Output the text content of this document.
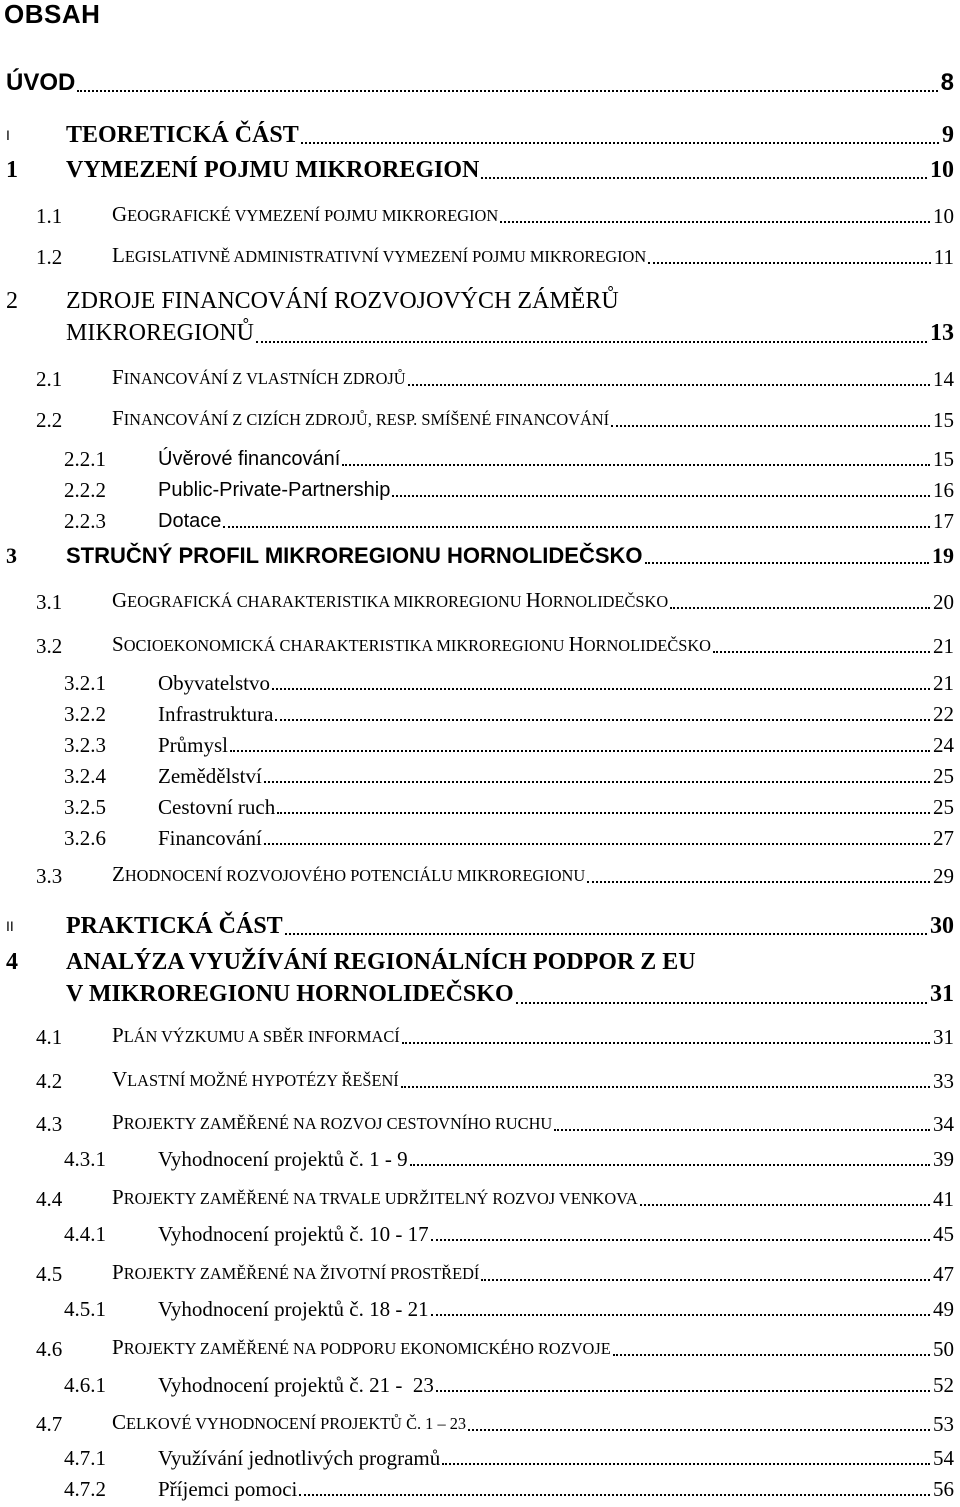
OBSAH
ÚVOD	8
I	TEORETICKÁ ČÁST	9
1	VYMEZENÍ POJMU MIKROREGION	10
1.1	GEOGRAFICKÉ VYMEZENÍ POJMU MIKROREGION	10
1.2	LEGISLATIVNĚ ADMINISTRATIVNÍ VYMEZENÍ POJMU MIKROREGION	11
2 ZDROJE FINANCOVÁNÍ ROZVOJOVÝCH ZÁMĚRŮ
MIKROREGIONŮ	13
2.1	FINANCOVÁNÍ Z VLASTNÍCH ZDROJŮ	14
2.2	FINANCOVÁNÍ Z CIZÍCH ZDROJŮ, RESP. SMÍŠENÉ FINANCOVÁNÍ	15
2.2.1	Úvěrové financování	15
2.2.2	Public-Private-Partnership	16
2.2.3	Dotace	17
3	STRUČNÝ PROFIL MIKROREGIONU HORNOLIDEČSKO	19
3.1	GEOGRAFICKÁ CHARAKTERISTIKA MIKROREGIONU HORNOLIDEČSKO	20
3.2	SOCIOEKONOMICKÁ CHARAKTERISTIKA MIKROREGIONU HORNOLIDEČSKO	21
3.2.1	Obyvatelstvo	21
3.2.2	Infrastruktura	22
3.2.3	Průmysl	24
3.2.4	Zemědělství	25
3.2.5	Cestovní ruch	25
3.2.6	Financování	27
3.3	ZHODNOCENÍ ROZVOJOVÉHO POTENCIÁLU MIKROREGIONU	29
II	PRAKTICKÁ ČÁST	30
4 ANALÝZA VYUŽÍVÁNÍ REGIONÁLNÍCH PODPOR Z EU
V MIKROREGIONU HORNOLIDEČSKO	31
4.1	PLÁN VÝZKUMU A SBĚR INFORMACÍ	31
4.2	VLASTNÍ MOŽNÉ HYPOTÉZY ŘEŠENÍ	33
4.3	PROJEKTY ZAMĚŘENÉ NA ROZVOJ CESTOVNÍHO RUCHU	34
4.3.1	Vyhodnocení projektů č. 1 - 9	39
4.4	PROJEKTY ZAMĚŘENÉ NA TRVALE UDRŽITELNÝ ROZVOJ VENKOVA	41
4.4.1	Vyhodnocení projektů č. 10 - 17	45
4.5	PROJEKTY ZAMĚŘENÉ NA ŽIVOTNÍ PROSTŘEDÍ	47
4.5.1	Vyhodnocení projektů č. 18 - 21	49
4.6	PROJEKTY ZAMĚŘENÉ NA PODPORU EKONOMICKÉHO ROZVOJE	50
4.6.1	Vyhodnocení projektů č. 21 -  23	52
4.7	CELKOVÉ VYHODNOCENÍ PROJEKTŮ Č. 1 – 23	53
4.7.1	Využívání jednotlivých programů	54
4.7.2	Příjemci pomoci	56
